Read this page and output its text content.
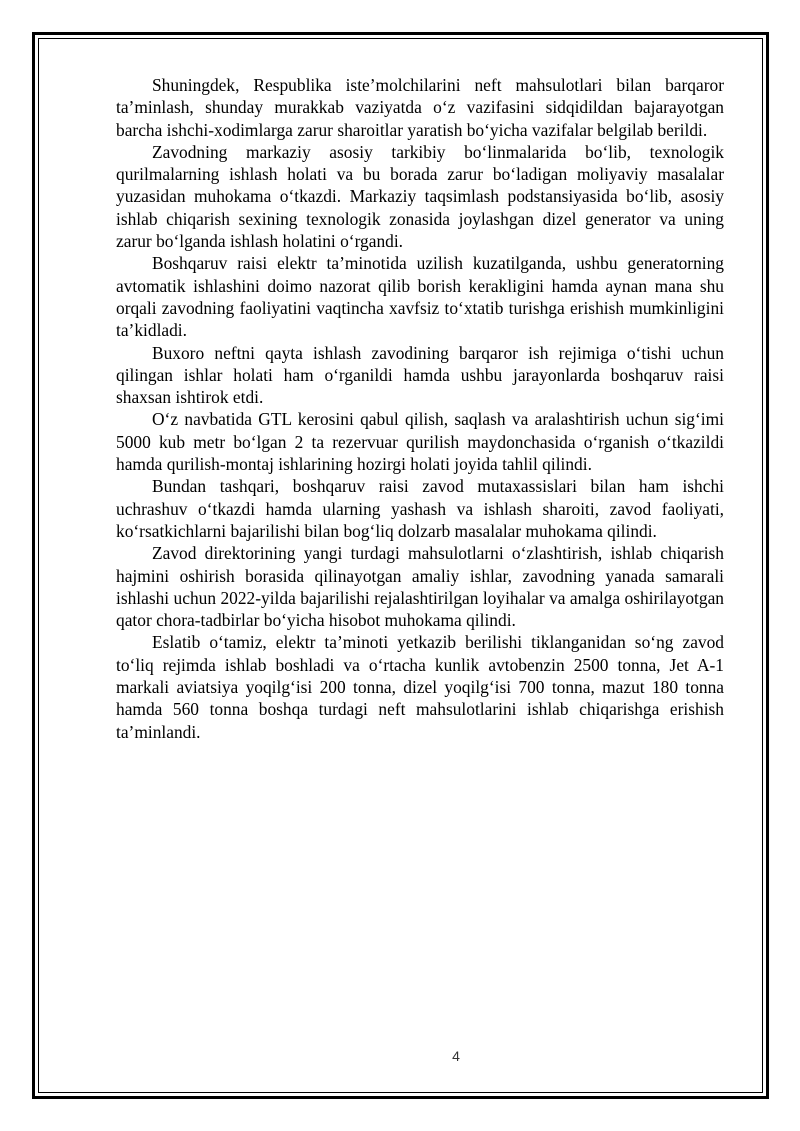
Shuningdek, Respublika iste’molchilarini neft mahsulotlari bilan barqaror ta’minlash, shunday murakkab vaziyatda o‘z vazifasini sidqidildan bajarayotgan barcha ishchi-xodimlarga zarur sharoitlar yaratish bo‘yicha vazifalar belgilab berildi.

Zavodning markaziy asosiy tarkibiy bo‘linmalarida bo‘lib, texnologik qurilmalarning ishlash holati va bu borada zarur bo‘ladigan moliyaviy masalalar yuzasidan muhokama o‘tkazdi. Markaziy taqsimlash podstansiyasida bo‘lib, asosiy ishlab chiqarish sexining texnologik zonasida joylashgan dizel generator va uning zarur bo‘lganda ishlash holatini o‘rgandi.

Boshqaruv raisi elektr ta’minotida uzilish kuzatilganda, ushbu generatorning avtomatik ishlashini doimo nazorat qilib borish kerakligini hamda aynan mana shu orqali zavodning faoliyatini vaqtincha xavfsiz to‘xtatib turishga erishish mumkinligini ta’kidladi.

Buxoro neftni qayta ishlash zavodining barqaror ish rejimiga o‘tishi uchun qilingan ishlar holati ham o‘rganildi hamda ushbu jarayonlarda boshqaruv raisi shaxsan ishtirok etdi.

O‘z navbatida GTL kerosini qabul qilish, saqlash va aralashtirish uchun sig‘imi 5000 kub metr bo‘lgan 2 ta rezervuar qurilish maydonchasida o‘rganish o‘tkazildi hamda qurilish-montaj ishlarining hozirgi holati joyida tahlil qilindi.

Bundan tashqari, boshqaruv raisi zavod mutaxassislari bilan ham ishchi uchrashuv o‘tkazdi hamda ularning yashash va ishlash sharoiti, zavod faoliyati, ko‘rsatkichlarni bajarilishi bilan bog‘liq dolzarb masalalar muhokama qilindi.

Zavod direktorining yangi turdagi mahsulotlarni o‘zlashtirish, ishlab chiqarish hajmini oshirish borasida qilinayotgan amaliy ishlar, zavodning yanada samarali ishlashi uchun 2022-yilda bajarilishi rejalashtirilgan loyihalar va amalga oshirilayotgan qator chora-tadbirlar bo‘yicha hisobot muhokama qilindi.

Eslatib o‘tamiz, elektr ta’minoti yetkazib berilishi tiklanganidan so‘ng zavod to‘liq rejimda ishlab boshladi va o‘rtacha kunlik avtobenzin 2500 tonna, Jet A-1 markali aviatsiya yoqilg‘isi 200 tonna, dizel yoqilg‘isi 700 tonna, mazut 180 tonna hamda 560 tonna boshqa turdagi neft mahsulotlarini ishlab chiqarishga erishish ta’minlandi.

4
